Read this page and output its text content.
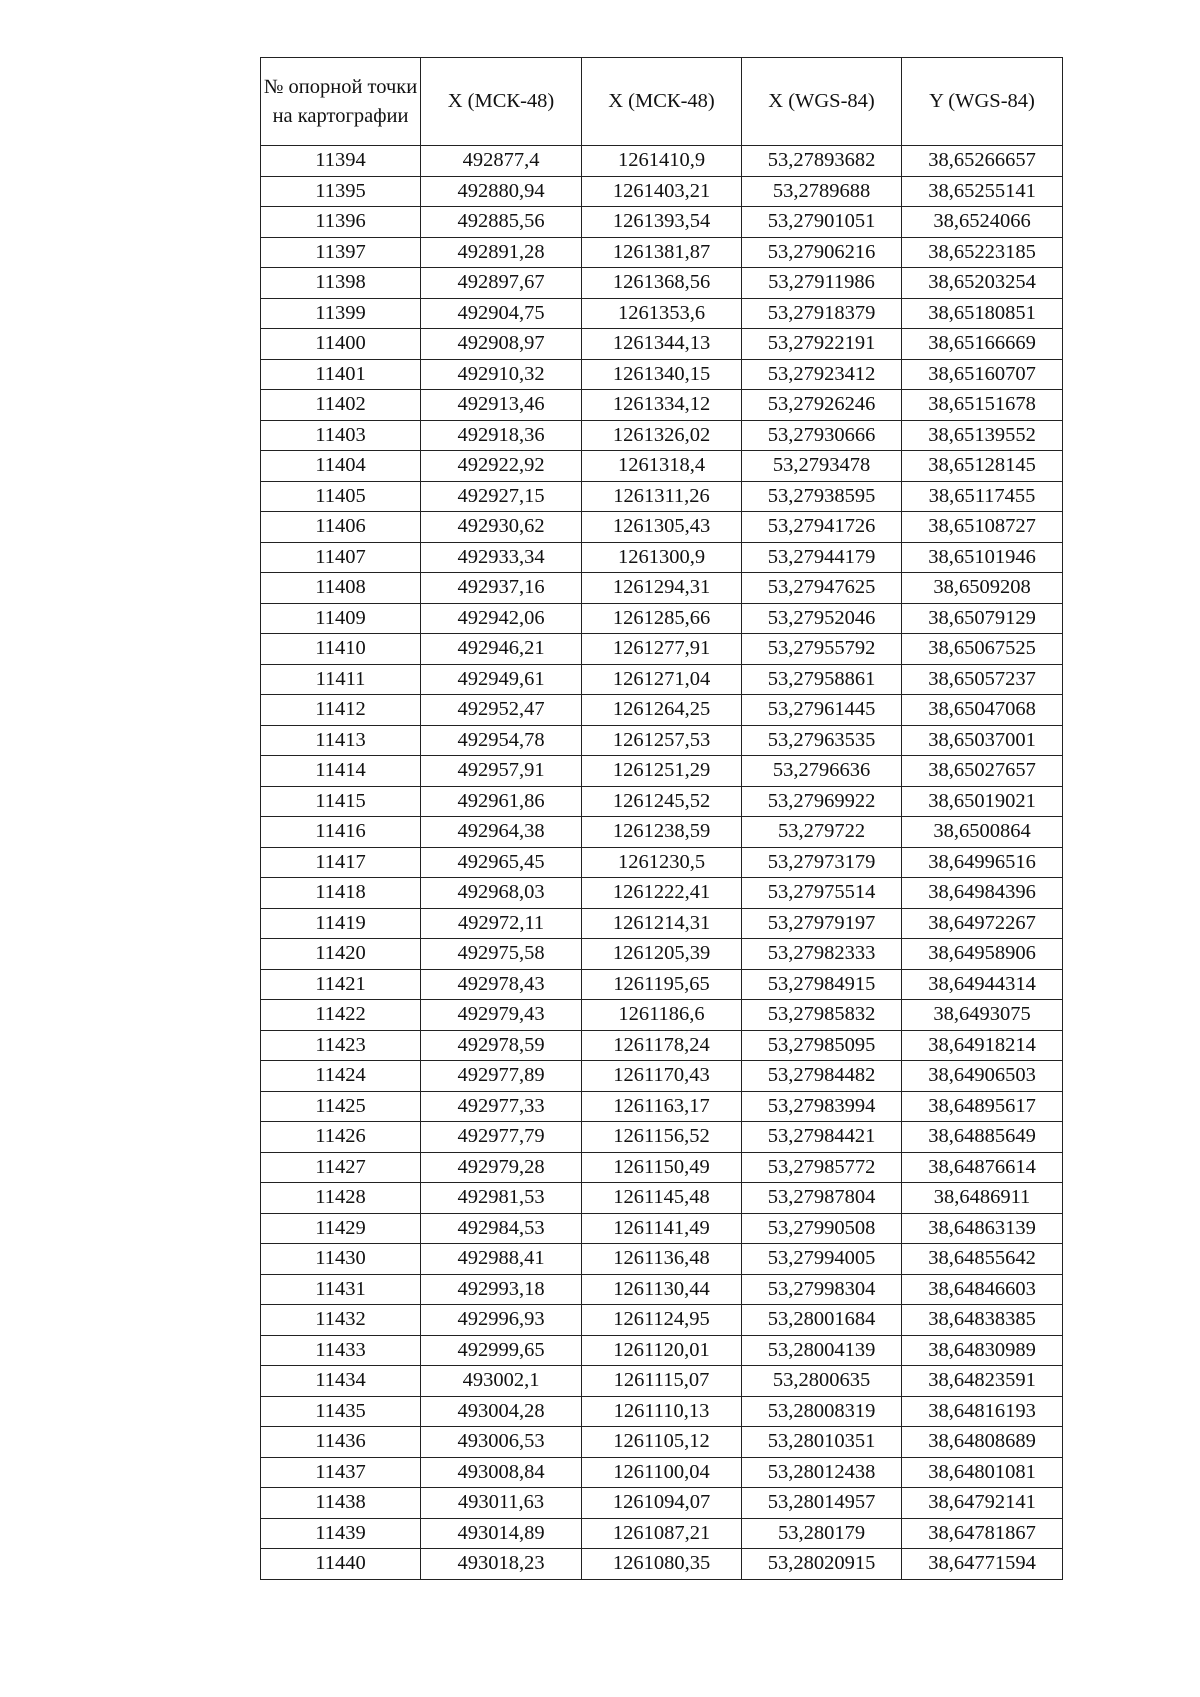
№ опорной точки на картографии	X (МСК-48)	X (МСК-48)	X (WGS-84)	Y (WGS-84)
11394	492877,4	1261410,9	53,27893682	38,65266657
11395	492880,94	1261403,21	53,2789688	38,65255141
11396	492885,56	1261393,54	53,27901051	38,6524066
11397	492891,28	1261381,87	53,27906216	38,65223185
11398	492897,67	1261368,56	53,27911986	38,65203254
11399	492904,75	1261353,6	53,27918379	38,65180851
11400	492908,97	1261344,13	53,27922191	38,65166669
11401	492910,32	1261340,15	53,27923412	38,65160707
11402	492913,46	1261334,12	53,27926246	38,65151678
11403	492918,36	1261326,02	53,27930666	38,65139552
11404	492922,92	1261318,4	53,2793478	38,65128145
11405	492927,15	1261311,26	53,27938595	38,65117455
11406	492930,62	1261305,43	53,27941726	38,65108727
11407	492933,34	1261300,9	53,27944179	38,65101946
11408	492937,16	1261294,31	53,27947625	38,6509208
11409	492942,06	1261285,66	53,27952046	38,65079129
11410	492946,21	1261277,91	53,27955792	38,65067525
11411	492949,61	1261271,04	53,27958861	38,65057237
11412	492952,47	1261264,25	53,27961445	38,65047068
11413	492954,78	1261257,53	53,27963535	38,65037001
11414	492957,91	1261251,29	53,2796636	38,65027657
11415	492961,86	1261245,52	53,27969922	38,65019021
11416	492964,38	1261238,59	53,279722	38,6500864
11417	492965,45	1261230,5	53,27973179	38,64996516
11418	492968,03	1261222,41	53,27975514	38,64984396
11419	492972,11	1261214,31	53,27979197	38,64972267
11420	492975,58	1261205,39	53,27982333	38,64958906
11421	492978,43	1261195,65	53,27984915	38,64944314
11422	492979,43	1261186,6	53,27985832	38,6493075
11423	492978,59	1261178,24	53,27985095	38,64918214
11424	492977,89	1261170,43	53,27984482	38,64906503
11425	492977,33	1261163,17	53,27983994	38,64895617
11426	492977,79	1261156,52	53,27984421	38,64885649
11427	492979,28	1261150,49	53,27985772	38,64876614
11428	492981,53	1261145,48	53,27987804	38,6486911
11429	492984,53	1261141,49	53,27990508	38,64863139
11430	492988,41	1261136,48	53,27994005	38,64855642
11431	492993,18	1261130,44	53,27998304	38,64846603
11432	492996,93	1261124,95	53,28001684	38,64838385
11433	492999,65	1261120,01	53,28004139	38,64830989
11434	493002,1	1261115,07	53,2800635	38,64823591
11435	493004,28	1261110,13	53,28008319	38,64816193
11436	493006,53	1261105,12	53,28010351	38,64808689
11437	493008,84	1261100,04	53,28012438	38,64801081
11438	493011,63	1261094,07	53,28014957	38,64792141
11439	493014,89	1261087,21	53,280179	38,64781867
11440	493018,23	1261080,35	53,28020915	38,64771594
